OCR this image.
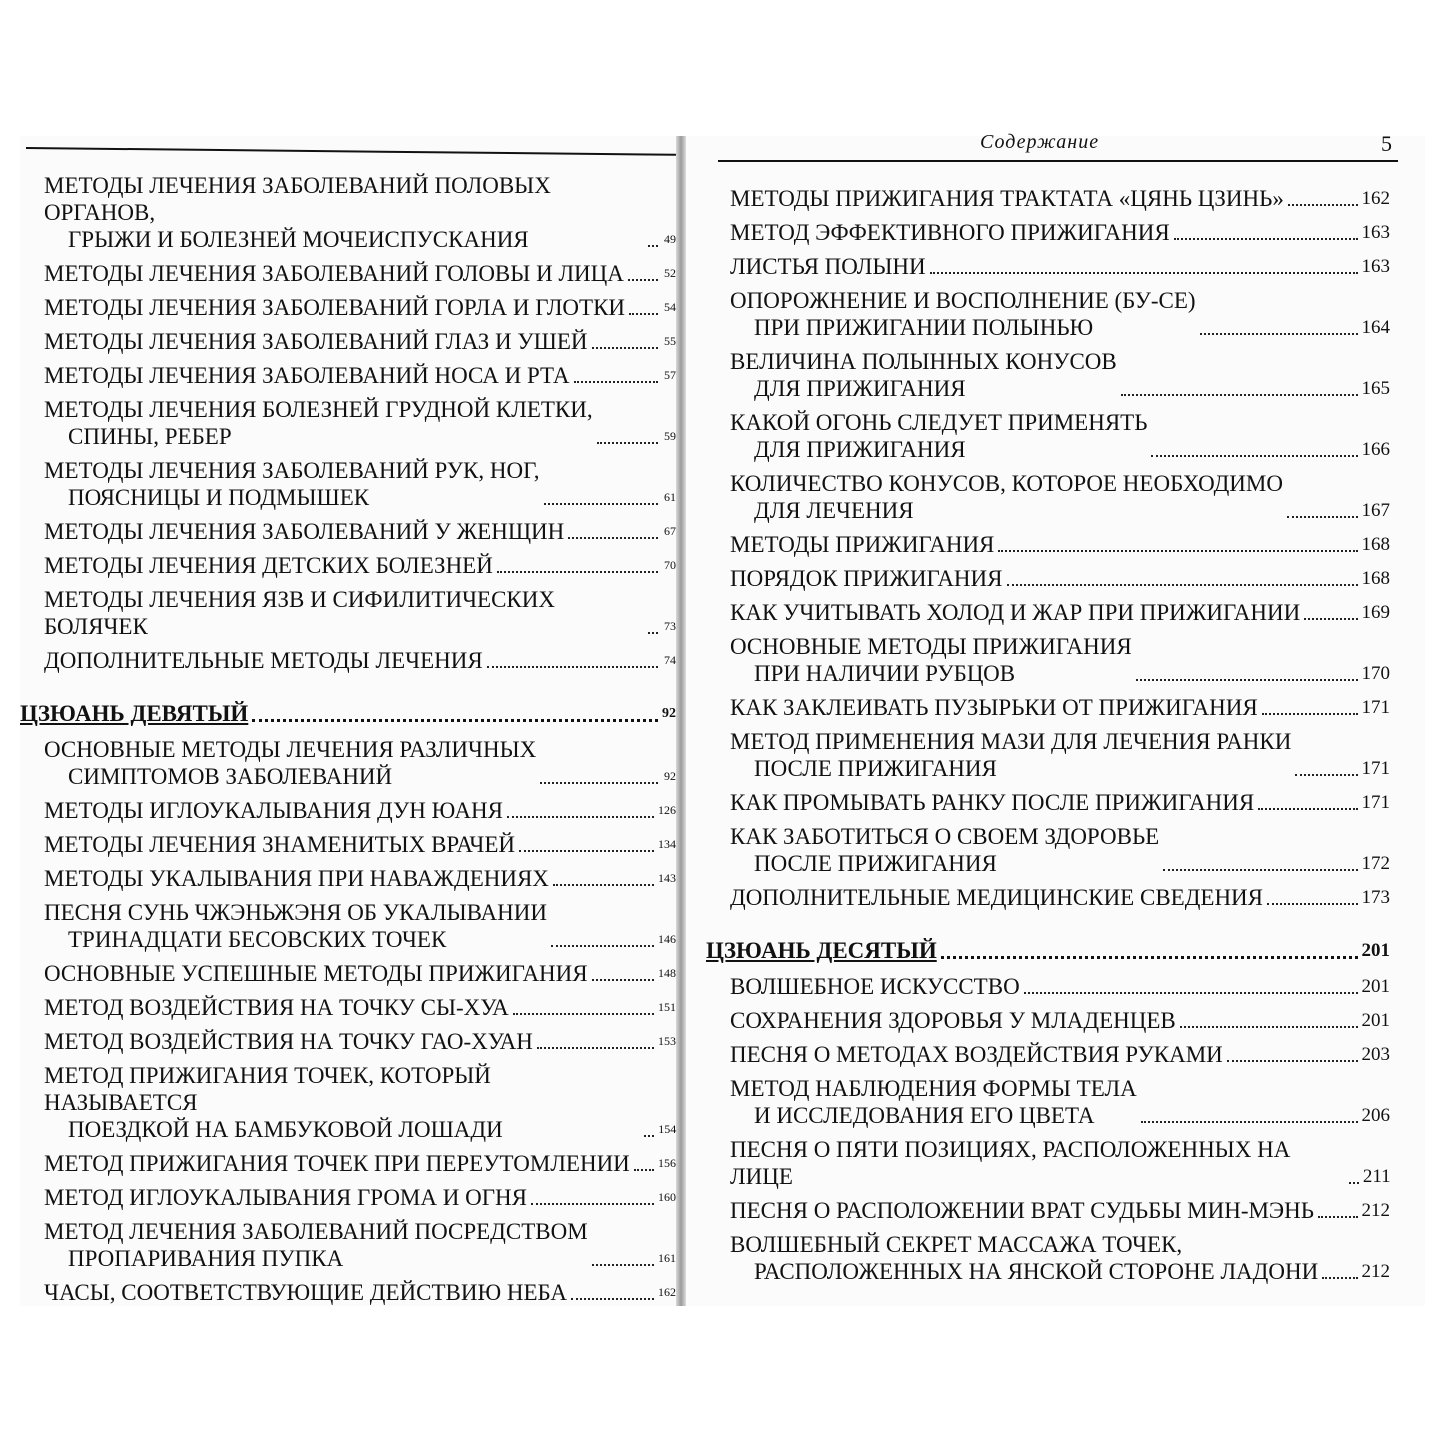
Содержание	5
МЕТОДЫ ЛЕЧЕНИЯ ЗАБОЛЕВАНИЙ ПОЛОВЫХ ОРГАНОВ,
ГРЫЖИ И БОЛЕЗНЕЙ МОЧЕИСПУСКАНИЯ	49
МЕТОДЫ ЛЕЧЕНИЯ ЗАБОЛЕВАНИЙ ГОЛОВЫ И ЛИЦА	52
МЕТОДЫ ЛЕЧЕНИЯ ЗАБОЛЕВАНИЙ ГОРЛА И ГЛОТКИ	54
МЕТОДЫ ЛЕЧЕНИЯ ЗАБОЛЕВАНИЙ ГЛАЗ И УШЕЙ	55
МЕТОДЫ ЛЕЧЕНИЯ ЗАБОЛЕВАНИЙ НОСА И РТА	57
МЕТОДЫ ЛЕЧЕНИЯ БОЛЕЗНЕЙ ГРУДНОЙ КЛЕТКИ,
СПИНЫ, РЕБЕР	59
МЕТОДЫ ЛЕЧЕНИЯ ЗАБОЛЕВАНИЙ РУК, НОГ,
ПОЯСНИЦЫ И ПОДМЫШЕК	61
МЕТОДЫ ЛЕЧЕНИЯ ЗАБОЛЕВАНИЙ У ЖЕНЩИН	67
МЕТОДЫ ЛЕЧЕНИЯ ДЕТСКИХ БОЛЕЗНЕЙ	70
МЕТОДЫ ЛЕЧЕНИЯ ЯЗВ И СИФИЛИТИЧЕСКИХ БОЛЯЧЕК	73
ДОПОЛНИТЕЛЬНЫЕ МЕТОДЫ ЛЕЧЕНИЯ	74
ЦЗЮАНЬ ДЕВЯТЫЙ	92
ОСНОВНЫЕ МЕТОДЫ ЛЕЧЕНИЯ РАЗЛИЧНЫХ
СИМПТОМОВ ЗАБОЛЕВАНИЙ	92
МЕТОДЫ ИГЛОУКАЛЫВАНИЯ ДУН ЮАНЯ	126
МЕТОДЫ ЛЕЧЕНИЯ ЗНАМЕНИТЫХ ВРАЧЕЙ	134
МЕТОДЫ УКАЛЫВАНИЯ ПРИ НАВАЖДЕНИЯХ	143
ПЕСНЯ СУНЬ ЧЖЭНЬЖЭНЯ ОБ УКАЛЫВАНИИ
ТРИНАДЦАТИ БЕСОВСКИХ ТОЧЕК	146
ОСНОВНЫЕ УСПЕШНЫЕ МЕТОДЫ ПРИЖИГАНИЯ	148
МЕТОД ВОЗДЕЙСТВИЯ НА ТОЧКУ СЫ-ХУА	151
МЕТОД ВОЗДЕЙСТВИЯ НА ТОЧКУ ГАО-ХУАН	153
МЕТОД ПРИЖИГАНИЯ ТОЧЕК, КОТОРЫЙ НАЗЫВАЕТСЯ
ПОЕЗДКОЙ НА БАМБУКОВОЙ ЛОШАДИ	154
МЕТОД ПРИЖИГАНИЯ ТОЧЕК ПРИ ПЕРЕУТОМЛЕНИИ 156
МЕТОД ИГЛОУКАЛЫВАНИЯ ГРОМА И ОГНЯ	160
МЕТОД ЛЕЧЕНИЯ ЗАБОЛЕВАНИЙ ПОСРЕДСТВОМ
ПРОПАРИВАНИЯ ПУПКА	161
ЧАСЫ, СООТВЕТСТВУЮЩИЕ ДЕЙСТВИЮ НЕБА	162
МЕТОДЫ ПРИЖИГАНИЯ ТРАКТАТА «ЦЯНЬ ЦЗИНЬ»	162
МЕТОД ЭФФЕКТИВНОГО ПРИЖИГАНИЯ	163
ЛИСТЬЯ ПОЛЫНИ	163
ОПОРОЖНЕНИЕ И ВОСПОЛНЕНИЕ (БУ-СЕ)
ПРИ ПРИЖИГАНИИ ПОЛЫНЬЮ	164
ВЕЛИЧИНА ПОЛЫННЫХ КОНУСОВ
ДЛЯ ПРИЖИГАНИЯ	165
КАКОЙ ОГОНЬ СЛЕДУЕТ ПРИМЕНЯТЬ
ДЛЯ ПРИЖИГАНИЯ	166
КОЛИЧЕСТВО КОНУСОВ, КОТОРОЕ НЕОБХОДИМО
ДЛЯ ЛЕЧЕНИЯ	167
МЕТОДЫ ПРИЖИГАНИЯ	168
ПОРЯДОК ПРИЖИГАНИЯ	168
КАК УЧИТЫВАТЬ ХОЛОД И ЖАР ПРИ ПРИЖИГАНИИ	169
ОСНОВНЫЕ МЕТОДЫ ПРИЖИГАНИЯ
ПРИ НАЛИЧИИ РУБЦОВ	170
КАК ЗАКЛЕИВАТЬ ПУЗЫРЬКИ ОТ ПРИЖИГАНИЯ	171
МЕТОД ПРИМЕНЕНИЯ МАЗИ ДЛЯ ЛЕЧЕНИЯ РАНКИ
ПОСЛЕ ПРИЖИГАНИЯ	171
КАК ПРОМЫВАТЬ РАНКУ ПОСЛЕ ПРИЖИГАНИЯ	171
КАК ЗАБОТИТЬСЯ О СВОЕМ ЗДОРОВЬЕ
ПОСЛЕ ПРИЖИГАНИЯ	172
ДОПОЛНИТЕЛЬНЫЕ МЕДИЦИНСКИЕ СВЕДЕНИЯ	173
ЦЗЮАНЬ ДЕСЯТЫЙ	201
ВОЛШЕБНОЕ ИСКУССТВО	201
СОХРАНЕНИЯ ЗДОРОВЬЯ У МЛАДЕНЦЕВ	201
ПЕСНЯ О МЕТОДАХ ВОЗДЕЙСТВИЯ РУКАМИ	203
МЕТОД НАБЛЮДЕНИЯ ФОРМЫ ТЕЛА
И ИССЛЕДОВАНИЯ ЕГО ЦВЕТА	206
ПЕСНЯ О ПЯТИ ПОЗИЦИЯХ, РАСПОЛОЖЕННЫХ НА ЛИЦЕ	211
ПЕСНЯ О РАСПОЛОЖЕНИИ ВРАТ СУДЬБЫ МИН-МЭНЬ	212
ВОЛШЕБНЫЙ СЕКРЕТ МАССАЖА ТОЧЕК,
РАСПОЛОЖЕННЫХ НА ЯНСКОЙ СТОРОНЕ ЛАДОНИ 212
